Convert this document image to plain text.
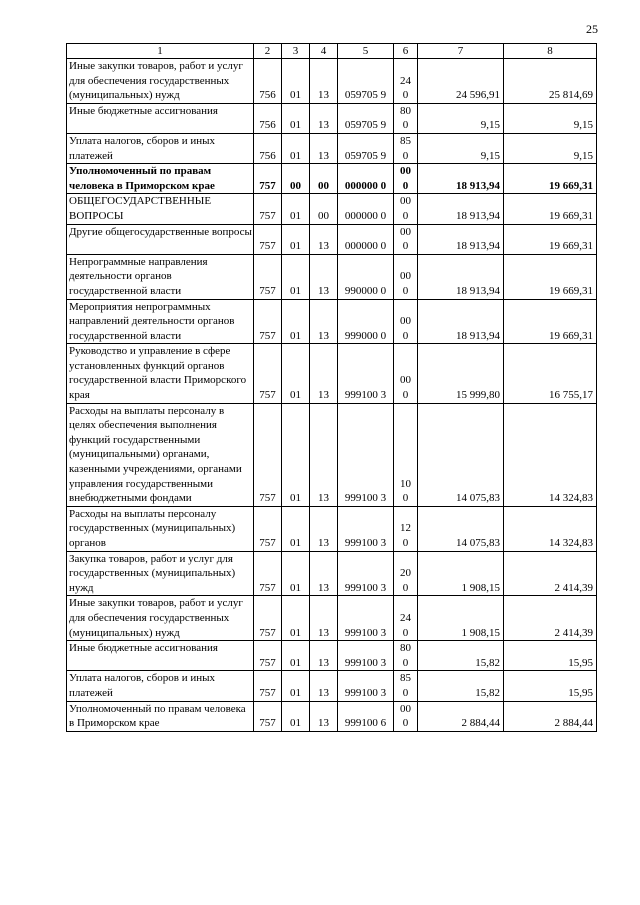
25
1	2	3	4	5	6	7	8
Иные закупки товаров, работ и услуг для обеспечения государственных (муниципальных) нужд	756	01	13	059705 9	24 0	24 596,91	25 814,69
Иные бюджетные ассигнования	756	01	13	059705 9	80 0	9,15	9,15
Уплата налогов, сборов и иных платежей	756	01	13	059705 9	85 0	9,15	9,15
Уполномоченный по правам человека в Приморском крае	757	00	00	000000 0	00 0	18 913,94	19 669,31
ОБЩЕГОСУДАРСТВЕННЫЕ ВОПРОСЫ	757	01	00	000000 0	00 0	18 913,94	19 669,31
Другие общегосударственные вопросы	757	01	13	000000 0	00 0	18 913,94	19 669,31
Непрограммные направления деятельности органов государственной власти	757	01	13	990000 0	00 0	18 913,94	19 669,31
Мероприятия непрограммных направлений деятельности органов государственной власти	757	01	13	999000 0	00 0	18 913,94	19 669,31
Руководство и управление в сфере установленных функций органов государственной власти Приморского края	757	01	13	999100 3	00 0	15 999,80	16 755,17
Расходы на выплаты персоналу в целях обеспечения выполнения функций государственными (муниципальными) органами, казенными учреждениями, органами управления государственными внебюджетными фондами	757	01	13	999100 3	10 0	14 075,83	14 324,83
Расходы на выплаты персоналу государственных (муниципальных) органов	757	01	13	999100 3	12 0	14 075,83	14 324,83
Закупка товаров, работ и услуг для государственных (муниципальных) нужд	757	01	13	999100 3	20 0	1 908,15	2 414,39
Иные закупки товаров, работ и услуг для обеспечения государственных (муниципальных) нужд	757	01	13	999100 3	24 0	1 908,15	2 414,39
Иные бюджетные ассигнования	757	01	13	999100 3	80 0	15,82	15,95
Уплата налогов, сборов и иных платежей	757	01	13	999100 3	85 0	15,82	15,95
Уполномоченный по правам человека в Приморском крае	757	01	13	999100 6	00 0	2 884,44	2 884,44
